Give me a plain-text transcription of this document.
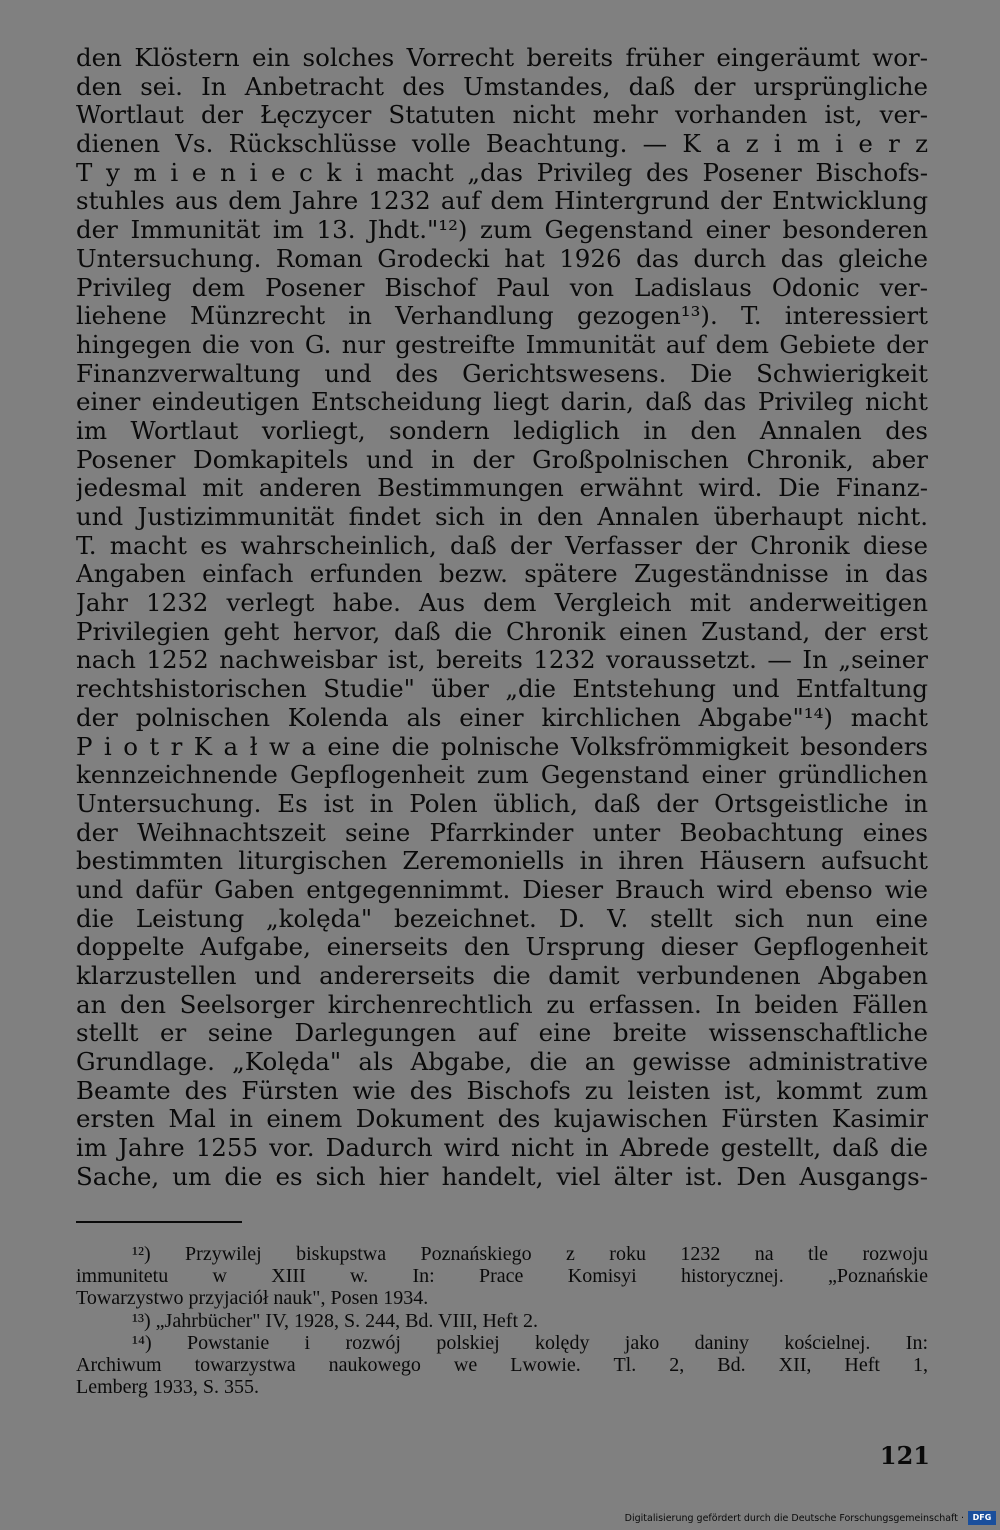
den Klöstern ein solches Vorrecht bereits früher eingeräumt wor-
den sei. In Anbetracht des Umstandes, daß der ursprüngliche
Wortlaut der Łęczycer Statuten nicht mehr vorhanden ist, ver-
dienen Vs. Rückschlüsse volle Beachtung. — K a z i m i e r z
T y m i e n i e c k i macht „das Privileg des Posener Bischofs-
stuhles aus dem Jahre 1232 auf dem Hintergrund der Entwicklung
der Immunität im 13. Jhdt."¹²) zum Gegenstand einer besonderen
Untersuchung. Roman Grodecki hat 1926 das durch das gleiche
Privileg dem Posener Bischof Paul von Ladislaus Odonic ver-
liehene Münzrecht in Verhandlung gezogen¹³). T. interessiert
hingegen die von G. nur gestreifte Immunität auf dem Gebiete der
Finanzverwaltung und des Gerichtswesens. Die Schwierigkeit
einer eindeutigen Entscheidung liegt darin, daß das Privileg nicht
im Wortlaut vorliegt, sondern lediglich in den Annalen des
Posener Domkapitels und in der Großpolnischen Chronik, aber
jedesmal mit anderen Bestimmungen erwähnt wird. Die Finanz-
und Justizimmunität findet sich in den Annalen überhaupt nicht.
T. macht es wahrscheinlich, daß der Verfasser der Chronik diese
Angaben einfach erfunden bezw. spätere Zugeständnisse in das
Jahr 1232 verlegt habe. Aus dem Vergleich mit anderweitigen
Privilegien geht hervor, daß die Chronik einen Zustand, der erst
nach 1252 nachweisbar ist, bereits 1232 voraussetzt. — In „seiner
rechtshistorischen Studie" über „die Entstehung und Entfaltung
der polnischen Kolenda als einer kirchlichen Abgabe"¹⁴) macht
P i o t r K a ł w a eine die polnische Volksfrömmigkeit besonders
kennzeichnende Gepflogenheit zum Gegenstand einer gründlichen
Untersuchung. Es ist in Polen üblich, daß der Ortsgeistliche in
der Weihnachtszeit seine Pfarrkinder unter Beobachtung eines
bestimmten liturgischen Zeremoniells in ihren Häusern aufsucht
und dafür Gaben entgegennimmt. Dieser Brauch wird ebenso wie
die Leistung „kolęda" bezeichnet. D. V. stellt sich nun eine
doppelte Aufgabe, einerseits den Ursprung dieser Gepflogenheit
klarzustellen und andererseits die damit verbundenen Abgaben
an den Seelsorger kirchenrechtlich zu erfassen. In beiden Fällen
stellt er seine Darlegungen auf eine breite wissenschaftliche
Grundlage. „Kolęda" als Abgabe, die an gewisse administrative
Beamte des Fürsten wie des Bischofs zu leisten ist, kommt zum
ersten Mal in einem Dokument des kujawischen Fürsten Kasimir
im Jahre 1255 vor. Dadurch wird nicht in Abrede gestellt, daß die
Sache, um die es sich hier handelt, viel älter ist. Den Ausgangs-
¹²) Przywilej biskupstwa Poznańskiego z roku 1232 na tle rozwoju
immunitetu w XIII w. In: Prace Komisyi historycznej. „Poznańskie
Towarzystwo przyjaciół nauk", Posen 1934.
¹³) „Jahrbücher" IV, 1928, S. 244, Bd. VIII, Heft 2.
¹⁴) Powstanie i rozwój polskiej kolędy jako daniny kościelnej. In:
Archiwum towarzystwa naukowego we Lwowie. Tl. 2, Bd. XII, Heft 1,
Lemberg 1933, S. 355.
121
Digitalisierung gefördert durch die Deutsche Forschungsgemeinschaft ·	DFG
